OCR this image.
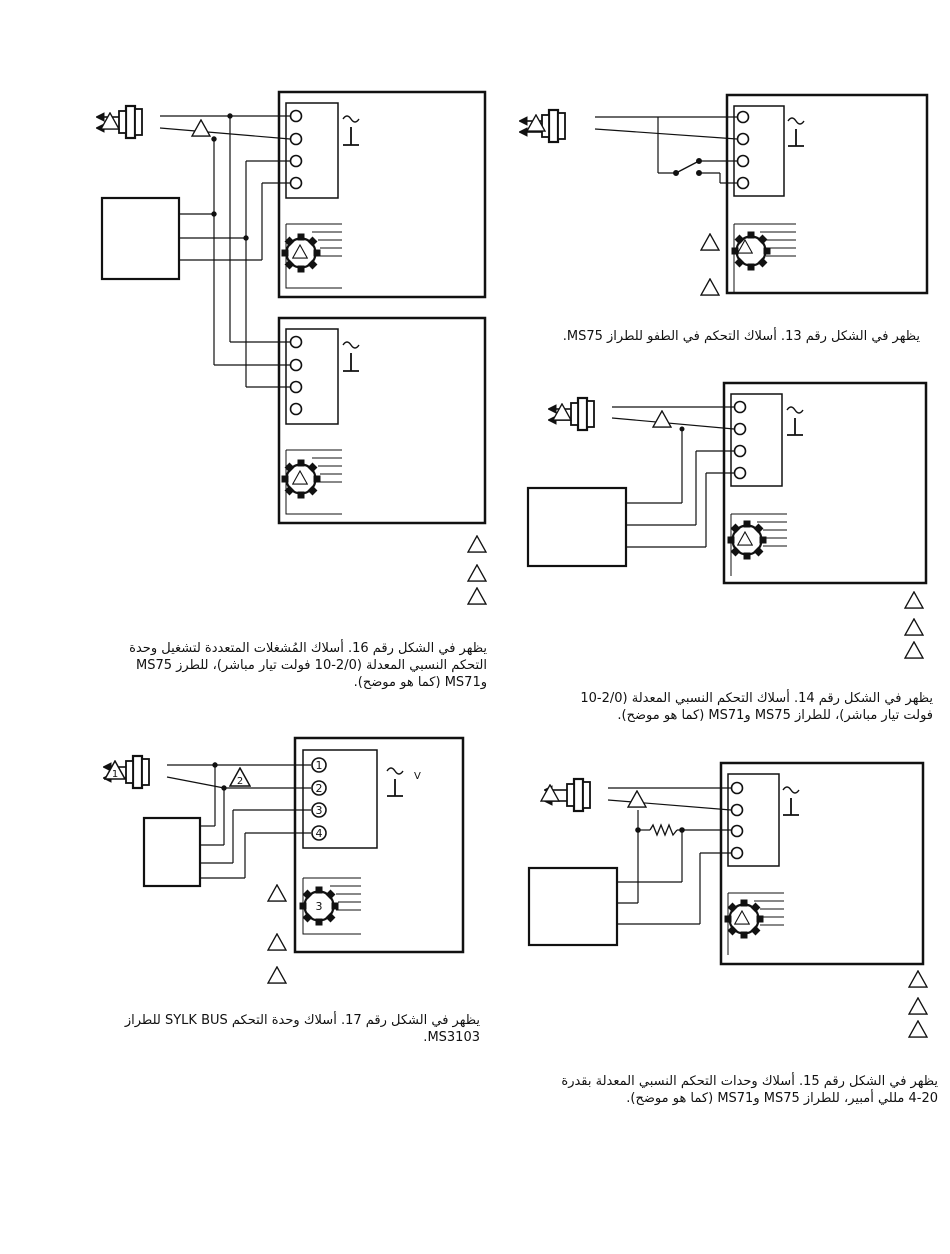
1
2
3
4
1
2
3
V

يظهر في الشكل رقم 13. أسلاك التحكم في الطفو للطراز MS75.

يظهر في الشكل رقم 14. أسلاك التحكم النسبي المعدلة (2/0-10
فولت تيار مباشر)، للطراز MS75 وMS71 (كما هو موضح).

يظهر في الشكل رقم 15. أسلاك وحدات التحكم النسبي المعدلة بقدرة
4-20 مللي أمبير، للطراز MS75 وMS71 (كما هو موضح).

يظهر في الشكل رقم 16. أسلاك المُشغلات المتعددة لتشغيل وحدة
التحكم النسبي المعدلة (2/0-10 فولت تيار مباشر)، للطرز MS75
وMS71 (كما هو موضح).

يظهر في الشكل رقم 17. أسلاك وحدة التحكم SYLK BUS للطراز
MS3103.
